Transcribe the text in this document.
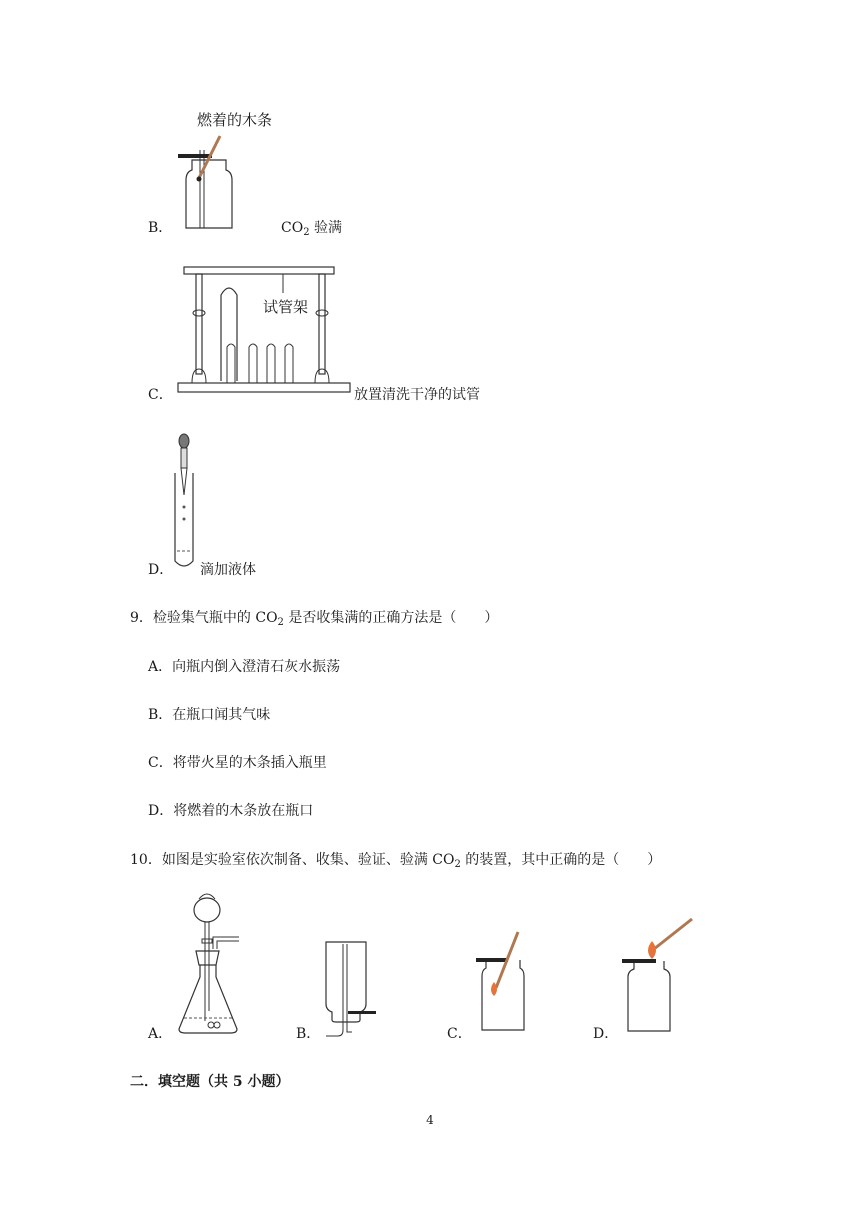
燃着的木条
B．	$CO_2$ 验满
试管架
C．	放置清洗干净的试管
D． 滴加液体
9．检验集气瓶中的 $CO_2$ 是否收集满的正确方法是（　　）
A．向瓶内倒入澄清石灰水振荡
B．在瓶口闻其气味
C．将带火星的木条插入瓶里
D．将燃着的木条放在瓶口
10．如图是实验室依次制备、收集、验证、验满 $CO_2$ 的装置，其中正确的是（　　）
A．	B．	C．	D．
二．填空题（共 5 小题）
4
